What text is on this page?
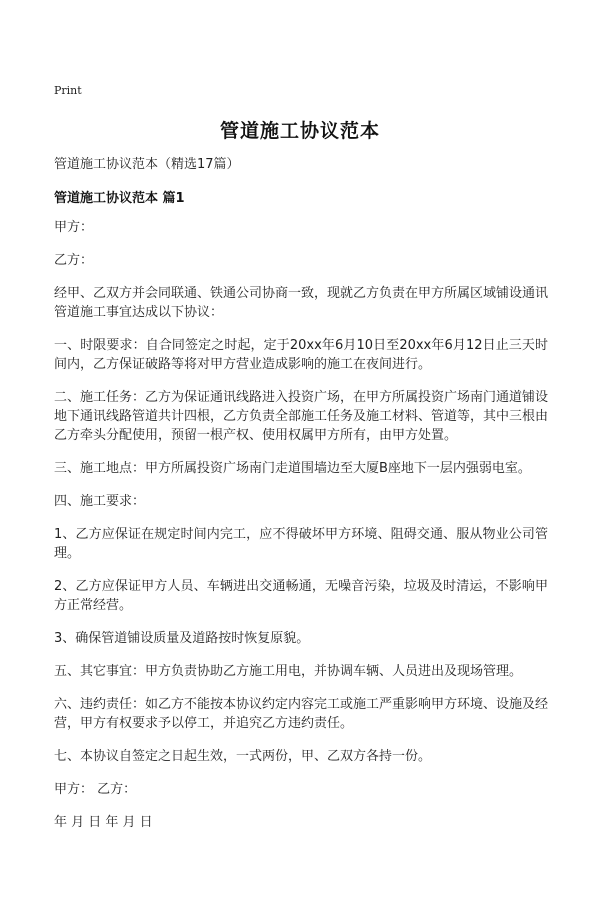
Print
管道施工协议范本
管道施工协议范本（精选17篇）
管道施工协议范本 篇1

甲方：

乙方：

经甲、乙双方并会同联通、铁通公司协商一致，现就乙方负责在甲方所属区域铺设通讯管道施工事宜达成以下协议：

一、时限要求：自合同签定之时起，定于20xx年6月10日至20xx年6月12日止三天时间内，乙方保证破路等将对甲方营业造成影响的施工在夜间进行。

二、施工任务：乙方为保证通讯线路进入投资广场，在甲方所属投资广场南门通道铺设地下通讯线路管道共计四根，乙方负责全部施工任务及施工材料、管道等，其中三根由乙方牵头分配使用，预留一根产权、使用权属甲方所有，由甲方处置。

三、施工地点：甲方所属投资广场南门走道围墙边至大厦B座地下一层内强弱电室。

四、施工要求：

1、乙方应保证在规定时间内完工，应不得破坏甲方环境、阻碍交通、服从物业公司管理。

2、乙方应保证甲方人员、车辆进出交通畅通，无噪音污染，垃圾及时清运，不影响甲方正常经营。

3、确保管道铺设质量及道路按时恢复原貌。

五、其它事宜：甲方负责协助乙方施工用电，并协调车辆、人员进出及现场管理。

六、违约责任：如乙方不能按本协议约定内容完工或施工严重影响甲方环境、设施及经营，甲方有权要求予以停工，并追究乙方违约责任。

七、本协议自签定之日起生效，一式两份，甲、乙双方各持一份。

甲方： 乙方：

年 月 日 年 月 日
